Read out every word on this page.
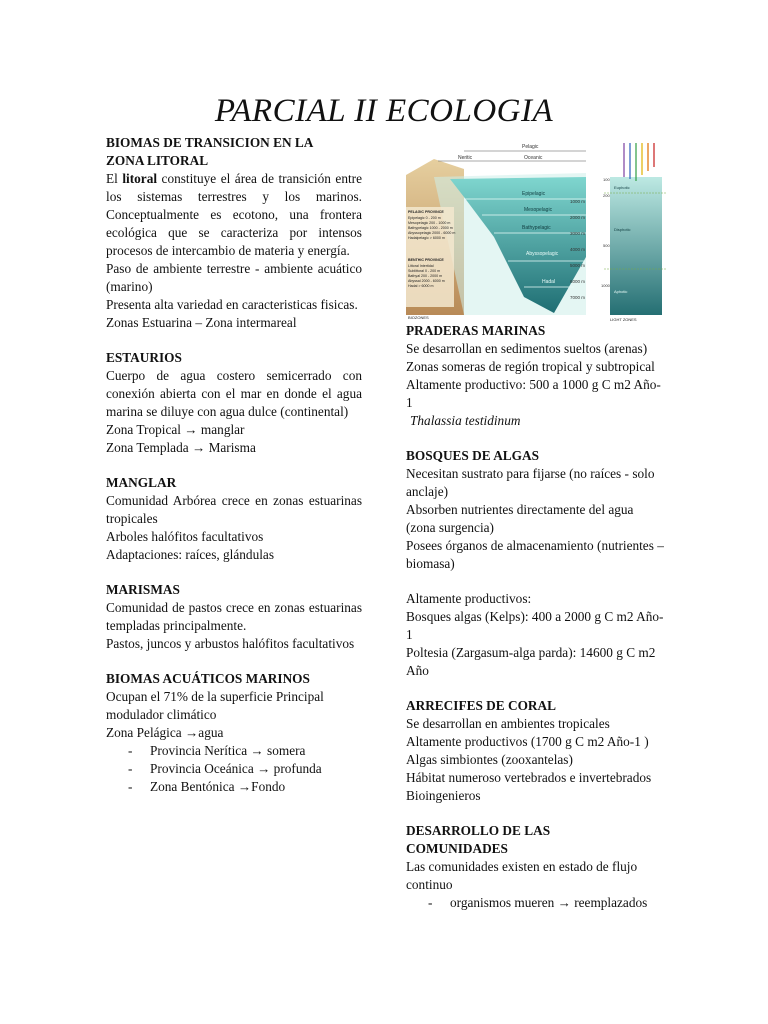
PARCIAL II ECOLOGIA
BIOMAS DE TRANSICION EN LA
ZONA LITORAL

El litoral constituye el área de transición entre los sistemas terrestres y los marinos. Conceptualmente es ecotono, una frontera ecológica que se caracteriza por intensos procesos de intercambio de materia y energía.

Paso de ambiente terrestre - ambiente acuático (marino)

Presenta alta variedad en caracteristicas fisicas.

Zonas Estuarina – Zona intermareal

ESTAURIOS

Cuerpo de agua costero semicerrado con conexión abierta con el mar en donde el agua marina se diluye con agua dulce (continental)

Zona Tropical → manglar

Zona Templada → Marisma

MANGLAR

Comunidad Arbórea crece en zonas estuarinas tropicales

Arboles halófitos facultativos

Adaptaciones: raíces, glándulas

MARISMAS

Comunidad de pastos crece en zonas estuarinas templadas principalmente.

Pastos, juncos y arbustos halófitos facultativos

BIOMAS ACUÁTICOS MARINOS

Ocupan el 71% de la superficie Principal modulador climático

Zona Pelágica →agua

- Provincia Nerítica → somera

- Provincia Oceánica → profunda

- Zona Bentónica →Fondo

Pelagic
Neritic	Oceanic
Epipelagic
Mesopelagic
Bathypelagic
Abyssopelagic
Hadal
1000 m
2000 m
3000 m
4000 m
5000 m
6000 m
7000 m
PELAGIC PROVINCE
Epipelagic 0 - 200 m
Mesopelagic 200 - 1000 m
Bathypelagic 1000 - 2000 m
Abyssopelagic 2000 - 6000 m
Hadalpelagic > 6000 m
BENTHIC PROVINCE
Littoral Intertidal
Sublittoral 0 - 200 m
Bathyal 200 - 2000 m
Abyssal 2000 - 6000 m
Hadal > 6000 m
BIOZONES
100
200
500
1000
Euphotic
Disphotic
Aphotic
LIGHT ZONES
PRADERAS MARINAS

Se desarrollan en sedimentos sueltos (arenas)

Zonas someras de región tropical y subtropical

Altamente productivo: 500 a 1000 g C m2 Año-1

Thalassia testidinum

BOSQUES DE ALGAS

Necesitan sustrato para fijarse (no raíces - solo anclaje)

Absorben nutrientes directamente del agua (zona surgencia)

Posees órganos de almacenamiento (nutrientes – biomasa)

Altamente productivos:

Bosques algas (Kelps): 400 a 2000 g C m2 Año-1

Poltesia (Zargasum-alga parda): 14600 g C m2 Año

ARRECIFES DE CORAL

Se desarrollan en ambientes tropicales

Altamente productivos (1700 g C m2 Año-1 )

Algas simbiontes (zooxantelas)

Hábitat numeroso vertebrados e invertebrados

Bioingenieros

DESARROLLO DE LAS
COMUNIDADES

Las comunidades existen en estado de flujo continuo

- organismos mueren → reemplazados
